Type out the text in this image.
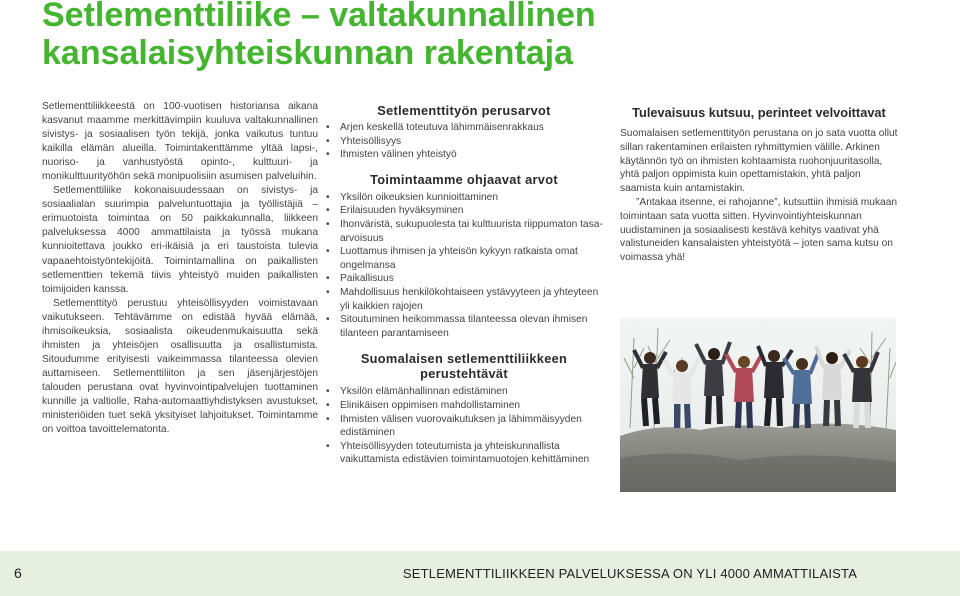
Setlementtiliike – valtakunnallinen kansalaisyhteiskunnan rakentaja

Setlementtiliikkeestä on 100-vuotisen historiansa aikana kasvanut maamme merkittävimpiin kuuluva valtakunnallinen sivistys- ja sosiaalisen työn tekijä, jonka vaikutus tuntuu kaikilla elämän alueilla. Toimintakenttämme yltää lapsi-, nuoriso- ja vanhustyöstä opinto-, kulttuuri- ja monikulttuurityöhön sekä monipuolisiin asumisen palveluihin.

Setlementtiliike kokonaisuudessaan on sivistys- ja sosiaalialan suurimpia palveluntuottajia ja työllistäjiä – erimuotoista toimintaa on 50 paikkakunnalla, liikkeen palveluksessa 4000 ammattilaista ja työssä mukana kunnioitettava joukko eri-ikäisiä ja eri taustoista tulevia vapaaehtoistyöntekijöitä. Toimintamallina on paikallisten setlementtien tekemä tiivis yhteistyö muiden paikallisten toimijoiden kanssa.

Setlementtityö perustuu yhteisöllisyyden voimistavaan vaikutukseen. Tehtävämme on edistää hyvää elämää, ihmisoikeuksia, sosiaalista oikeudenmukaisuutta sekä ihmisten ja yhteisöjen osallisuutta ja osallistumista. Sitoudumme erityisesti vaikeimmassa tilanteessa olevien auttamiseen. Setlementtiliiton ja sen jäsenjärjestöjen talouden perustana ovat hyvinvointipalvelujen tuottaminen kunnille ja valtiolle, Raha-automaattiyhdistyksen avustukset, ministeriöiden tuet sekä yksityiset lahjoitukset. Toimintamme on voittoa tavoittelematonta.

Setlementtityön perusarvot
• Arjen keskellä toteutuva lähimmäisenrakkaus
• Yhteisöllisyys
• Ihmisten välinen yhteistyö
Toimintaamme ohjaavat arvot
• Yksilön oikeuksien kunnioittaminen
• Erilaisuuden hyväksyminen
• Ihonväristä, sukupuolesta tai kulttuurista riippumaton tasa-arvoisuus
• Luottamus ihmisen ja yhteisön kykyyn ratkaista omat ongelmansa
• Paikallisuus
• Mahdollisuus henkilökohtaiseen ystävyyteen ja yhteyteen yli kaikkien rajojen
• Sitoutuminen heikommassa tilanteessa olevan ihmisen tilanteen parantamiseen
Suomalaisen setlementtiliikkeen perustehtävät
• Yksilön elämänhallinnan edistäminen
• Elinikäisen oppimisen mahdollistaminen
• Ihmisten välisen vuorovaikutuksen ja lähimmäisyyden edistäminen
• Yhteisöllisyyden toteutumista ja yhteiskunnallista vaikuttamista edistävien toimintamuotojen kehittäminen
Tulevaisuus kutsuu, perinteet velvoittavat

Suomalaisen setlementtityön perustana on jo sata vuotta ollut sillan rakentaminen erilaisten ryhmittymien välille. Arkinen käytännön työ on ihmisten kohtaamista ruohonjuuritasolla, yhtä paljon oppimista kuin opettamistakin, yhtä paljon saamista kuin antamistakin.

”Antakaa itsenne, ei rahojanne”, kutsuttiin ihmisiä mukaan toimintaan sata vuotta sitten. Hyvinvointiyhteiskunnan uudistaminen ja sosiaalisesti kestävä kehitys vaativat yhä valistuneiden kansalaisten yhteistyötä – joten sama kutsu on voimassa yhä!

6	SETLEMENTTILIIKKEEN PALVELUKSESSA ON YLI 4000 AMMATTILAISTA
